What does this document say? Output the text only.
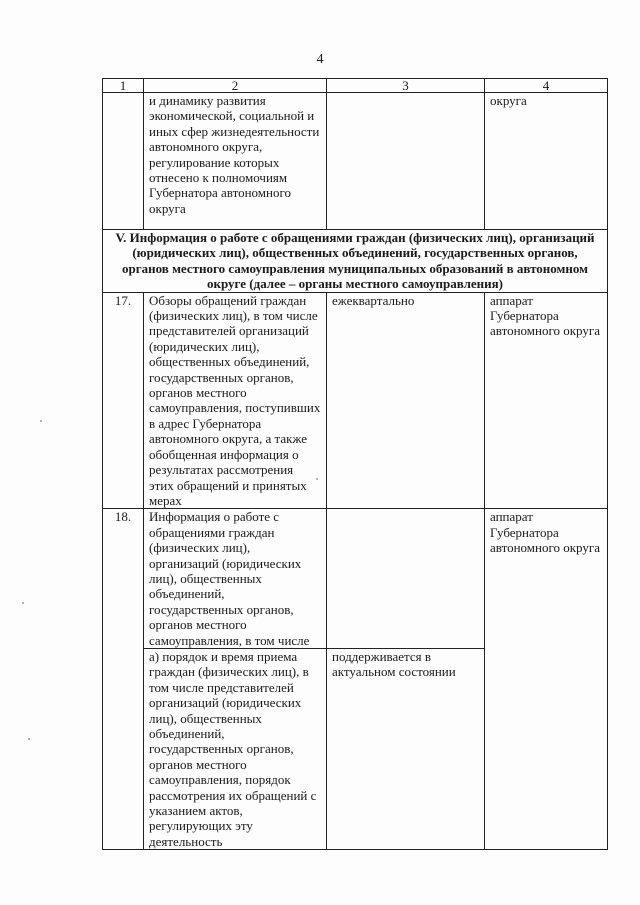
4
1	2	3	4
	и динамику развития экономической, социальной и иных сфер жизнедеятельности автономного округа, регулирование которых отнесено к полномочиям Губернатора автономного округа		округа
V. Информация о работе с обращениями граждан (физических лиц), организаций (юридических лиц), общественных объединений, государственных органов, органов местного самоуправления муниципальных образований в автономном округе (далее – органы местного самоуправления)			
17.	Обзоры обращений граждан (физических лиц), в том числе представителей организаций (юридических лиц), общественных объединений, государственных органов, органов местного самоуправления, поступивших в адрес Губернатора автономного округа, а также обобщенная информация о результатах рассмотрения этих обращений и принятых мерах	ежеквартально	аппарат Губернатора автономного округа
18.	Информация о работе с обращениями граждан (физических лиц), организаций (юридических лиц), общественных объединений, государственных органов, органов местного самоуправления, в том числе		аппарат Губернатора автономного округа
	а) порядок и время приема граждан (физических лиц), в том числе представителей организаций (юридических лиц), общественных объединений, государственных органов, органов местного самоуправления, порядок рассмотрения их обращений с указанием актов, регулирующих эту деятельность	поддерживается в актуальном состоянии	
